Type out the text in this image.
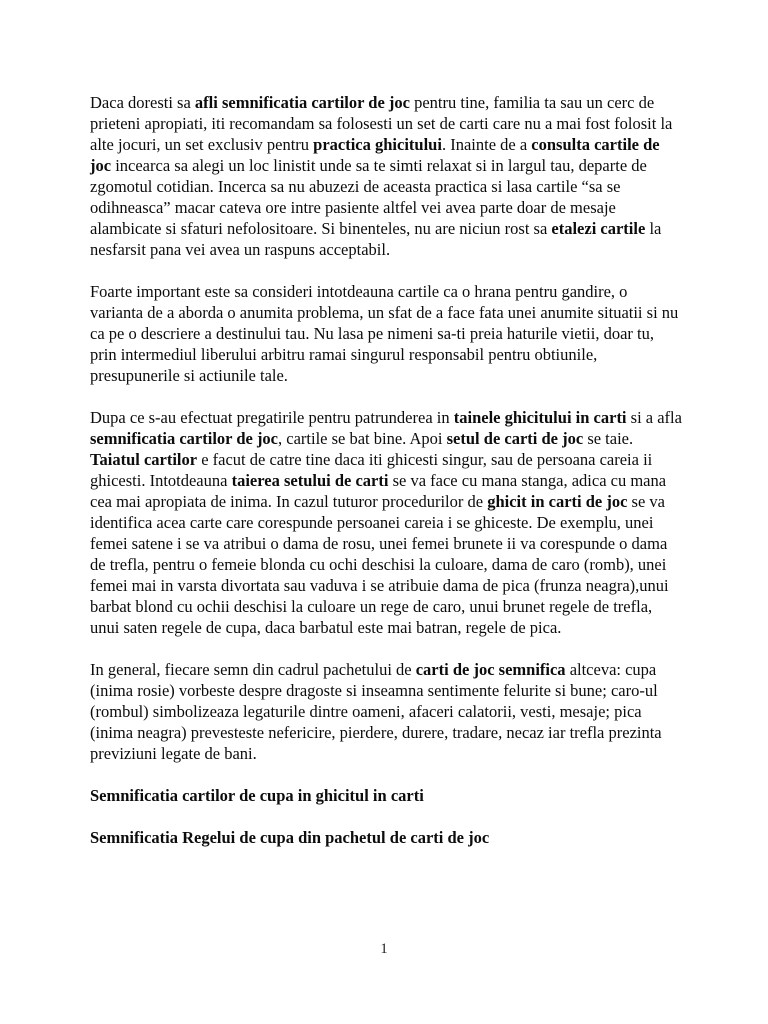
Daca doresti sa afli semnificatia cartilor de joc pentru tine, familia ta sau un cerc de prieteni apropiati, iti recomandam sa folosesti un set de carti care nu a mai fost folosit la alte jocuri, un set exclusiv pentru practica ghicitului. Inainte de a consulta cartile de joc incearca sa alegi un loc linistit unde sa te simti relaxat si in largul tau, departe de zgomotul cotidian. Incerca sa nu abuzezi de aceasta practica si lasa cartile “sa se odihneasca” macar cateva ore intre pasiente altfel vei avea parte doar de mesaje alambicate si sfaturi nefolositoare. Si binenteles, nu are niciun rost sa etalezi cartile la nesfarsit pana vei avea un raspuns acceptabil.

Foarte important este sa consideri intotdeauna cartile ca o hrana pentru gandire, o varianta de a aborda o anumita problema, un sfat de a face fata unei anumite situatii si nu ca pe o descriere a destinului tau. Nu lasa pe nimeni sa-ti preia haturile vietii, doar tu, prin intermediul liberului arbitru ramai singurul responsabil pentru obtiunile, presupunerile si actiunile tale.

Dupa ce s-au efectuat pregatirile pentru patrunderea in tainele ghicitului in carti si a afla semnificatia cartilor de joc, cartile se bat bine. Apoi setul de carti de joc se taie. Taiatul cartilor e facut de catre tine daca iti ghicesti singur, sau de persoana careia ii ghicesti. Intotdeauna taierea setului de carti se va face cu mana stanga, adica cu mana cea mai apropiata de inima. In cazul tuturor procedurilor de ghicit in carti de joc se va identifica acea carte care corespunde persoanei careia i se ghiceste. De exemplu, unei femei satene i se va atribui o dama de rosu, unei femei brunete ii va corespunde o dama de trefla, pentru o femeie blonda cu ochi deschisi la culoare, dama de caro (romb), unei femei mai in varsta divortata sau vaduva i se atribuie dama de pica (frunza neagra),unui barbat blond cu ochii deschisi la culoare un rege de caro, unui brunet regele de trefla, unui saten regele de cupa, daca barbatul este mai batran, regele de pica.

In general, fiecare semn din cadrul pachetului de carti de joc semnifica altceva: cupa (inima rosie) vorbeste despre dragoste si inseamna sentimente felurite si bune; caro-ul (rombul) simbolizeaza legaturile dintre oameni, afaceri calatorii, vesti, mesaje; pica (inima neagra) prevesteste nefericire, pierdere, durere, tradare, necaz iar trefla prezinta previziuni legate de bani.

Semnificatia cartilor de cupa in ghicitul in carti
Semnificatia Regelui de cupa din pachetul de carti de joc
1
